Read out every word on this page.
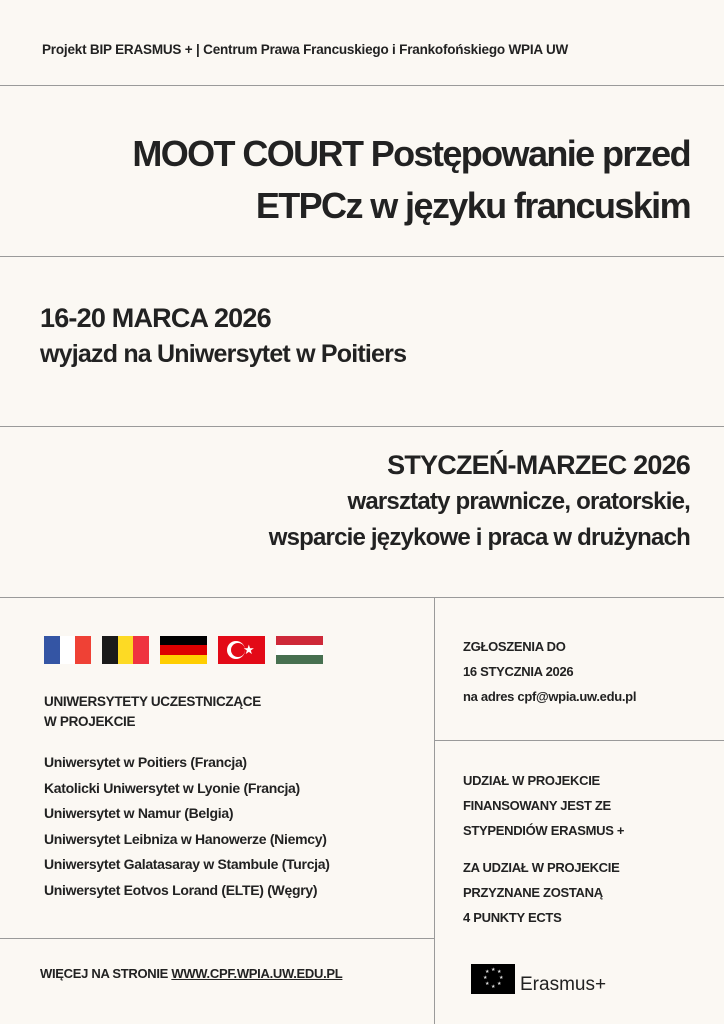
Projekt BIP ERASMUS + | Centrum Prawa Francuskiego i Frankofońskiego WPIA UW
MOOT COURT Postępowanie przed
ETPCz w języku francuskim
16-20 MARCA 2026
wyjazd na Uniwersytet w Poitiers
STYCZEŃ-MARZEC 2026
warsztaty prawnicze, oratorskie,
wsparcie językowe i praca w drużynach
★
UNIWERSYTETY UCZESTNICZĄCE
W PROJEKCIE
Uniwersytet w Poitiers (Francja)
Katolicki Uniwersytet w Lyonie (Francja)
Uniwersytet w Namur (Belgia)
Uniwersytet Leibniza w Hanowerze (Niemcy)
Uniwersytet Galatasaray w Stambule (Turcja)
Uniwersytet Eotvos Lorand (ELTE) (Węgry)
ZGŁOSZENIA DO
16 STYCZNIA 2026
na adres cpf@wpia.uw.edu.pl
UDZIAŁ W PROJEKCIE
FINANSOWANY JEST ZE
STYPENDIÓW ERASMUS +
ZA UDZIAŁ W PROJEKCIE
PRZYZNANE ZOSTANĄ
4 PUNKTY ECTS
WIĘCEJ NA STRONIE WWW.CPF.WPIA.UW.EDU.PL	★ ★
★
★
★
★
★
★
Erasmus+
